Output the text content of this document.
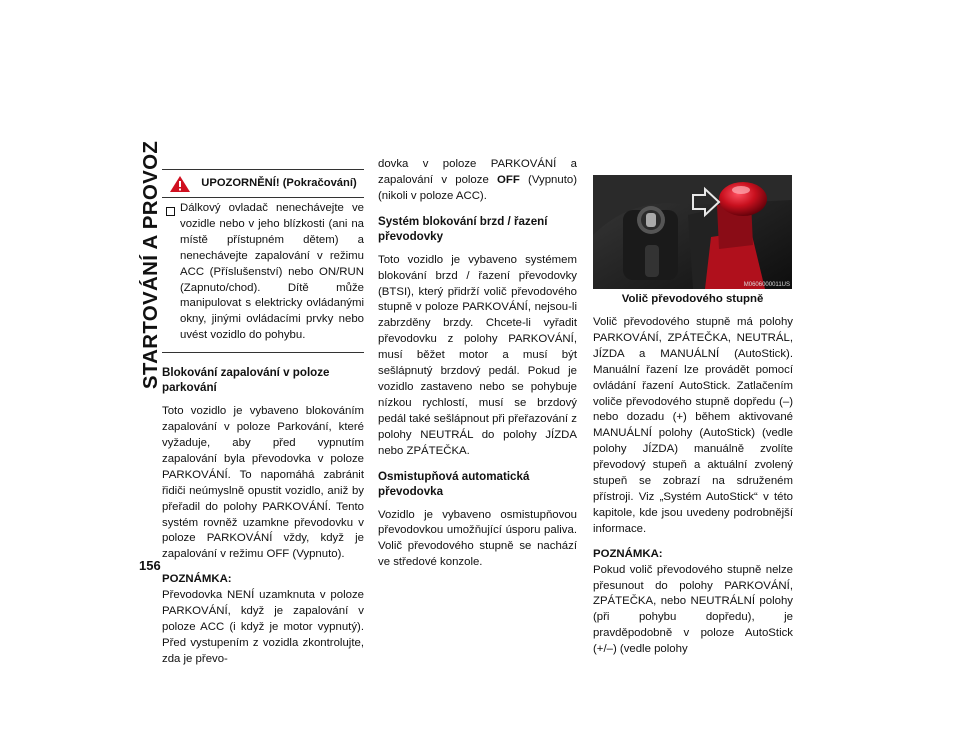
STARTOVÁNÍ A PROVOZ	UPOZORNĚNÍ! (Pokračování)
Dálkový ovladač nenechávejte ve vozidle nebo v jeho blízkosti (ani na místě přístupném dětem) a nenechávejte zapalování v režimu ACC (Příslušenství) nebo ON/RUN (Zapnuto/chod). Dítě může manipulovat s elektricky ovládanými okny, jinými ovládacími prvky nebo uvést vozidlo do pohybu.
Blokování zapalování v poloze parkování

Toto vozidlo je vybaveno blokováním zapalování v poloze Parkování, které vyžaduje, aby před vypnutím zapalování byla převodovka v poloze PARKOVÁNÍ. To napomáhá zabránit řidiči neúmyslně opustit vozidlo, aniž by přeřadil do polohy PARKOVÁNÍ. Tento systém rovněž uzamkne převodovku v poloze PARKOVÁNÍ vždy, když je zapalování v režimu OFF (Vypnuto).

POZNÁMKA:
Převodovka NENÍ uzamknuta v poloze PARKOVÁNÍ, když je zapalování v poloze ACC (i když je motor vypnutý). Před vystupením z vozidla zkontrolujte, zda je převo-

dovka v poloze PARKOVÁNÍ a zapalování v poloze OFF (Vypnuto) (nikoli v poloze ACC).

Systém blokování brzd / řazení převodovky

Toto vozidlo je vybaveno systémem blokování brzd / řazení převodovky (BTSI), který přidrží volič převodového stupně v poloze PARKOVÁNÍ, nejsou-li zabrzděny brzdy. Chcete-li vyřadit převodovku z polohy PARKOVÁNÍ, musí běžet motor a musí být sešlápnutý brzdový pedál. Pokud je vozidlo zastaveno nebo se pohybuje nízkou rychlostí, musí se brzdový pedál také sešlápnout při přeřazování z polohy NEUTRÁL do polohy JÍZDA nebo ZPÁTEČKA.

Osmistupňová automatická převodovka

Vozidlo je vybaveno osmistupňovou převodovkou umožňující úsporu paliva. Volič převodového stupně se nachází ve středové konzole.

M0606000011US
Volič převodového stupně

Volič převodového stupně má polohy PARKOVÁNÍ, ZPÁTEČKA, NEUTRÁL, JÍZDA a MANUÁLNÍ (AutoStick). Manuální řazení lze provádět pomocí ovládání řazení AutoStick. Zatlačením voliče převodového stupně dopředu (–) nebo dozadu (+) během aktivované MANUÁLNÍ polohy (AutoStick) (vedle polohy JÍZDA) manuálně zvolíte převodový stupeň a aktuální zvolený stupeň se zobrazí na sdruženém přístroji. Viz „Systém AutoStick“ v této kapitole, kde jsou uvedeny podrobnější informace.

POZNÁMKA:
Pokud volič převodového stupně nelze přesunout do polohy PARKOVÁNÍ, ZPÁTEČKA, nebo NEUTRÁLNÍ polohy (při pohybu dopředu), je pravděpodobně v poloze AutoStick (+/–) (vedle polohy

156
